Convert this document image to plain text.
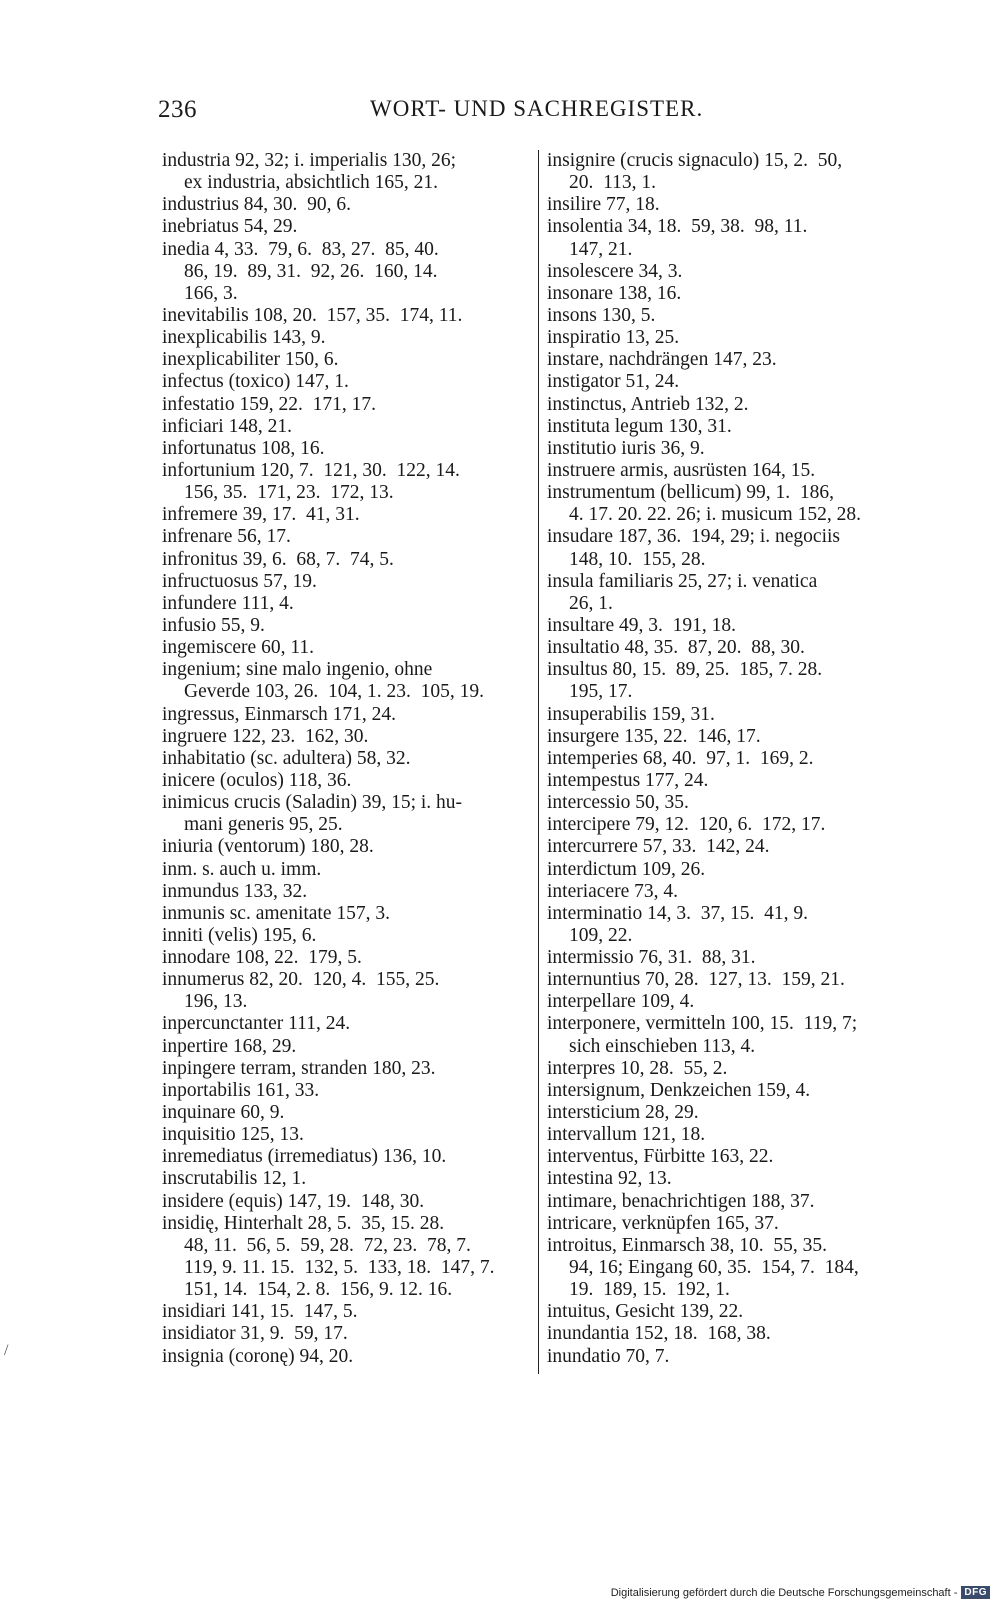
236	WORT- UND SACHREGISTER.
industria 92, 32; i. imperialis 130, 26;
ex industria, absichtlich 165, 21.
industrius 84, 30.  90, 6.
inebriatus 54, 29.
inedia 4, 33.  79, 6.  83, 27.  85, 40.
86, 19.  89, 31.  92, 26.  160, 14.
166, 3.
inevitabilis 108, 20.  157, 35.  174, 11.
inexplicabilis 143, 9.
inexplicabiliter 150, 6.
infectus (toxico) 147, 1.
infestatio 159, 22.  171, 17.
inficiari 148, 21.
infortunatus 108, 16.
infortunium 120, 7.  121, 30.  122, 14.
156, 35.  171, 23.  172, 13.
infremere 39, 17.  41, 31.
infrenare 56, 17.
infronitus 39, 6.  68, 7.  74, 5.
infructuosus 57, 19.
infundere 111, 4.
infusio 55, 9.
ingemiscere 60, 11.
ingenium; sine malo ingenio, ohne
Geverde 103, 26.  104, 1. 23.  105, 19.
ingressus, Einmarsch 171, 24.
ingruere 122, 23.  162, 30.
inhabitatio (sc. adultera) 58, 32.
inicere (oculos) 118, 36.
inimicus crucis (Saladin) 39, 15; i. hu-
mani generis 95, 25.
iniuria (ventorum) 180, 28.
inm. s. auch u. imm.
inmundus 133, 32.
inmunis sc. amenitate 157, 3.
inniti (velis) 195, 6.
innodare 108, 22.  179, 5.
innumerus 82, 20.  120, 4.  155, 25.
196, 13.
inpercunctanter 111, 24.
inpertire 168, 29.
inpingere terram, stranden 180, 23.
inportabilis 161, 33.
inquinare 60, 9.
inquisitio 125, 13.
inremediatus (irremediatus) 136, 10.
inscrutabilis 12, 1.
insidere (equis) 147, 19.  148, 30.
insidię, Hinterhalt 28, 5.  35, 15. 28.
48, 11.  56, 5.  59, 28.  72, 23.  78, 7.
119, 9. 11. 15.  132, 5.  133, 18.  147, 7.
151, 14.  154, 2. 8.  156, 9. 12. 16.
insidiari 141, 15.  147, 5.
insidiator 31, 9.  59, 17.
insignia (coronę) 94, 20.
insignire (crucis signaculo) 15, 2.  50,
20.  113, 1.
insilire 77, 18.
insolentia 34, 18.  59, 38.  98, 11.
147, 21.
insolescere 34, 3.
insonare 138, 16.
insons 130, 5.
inspiratio 13, 25.
instare, nachdrängen 147, 23.
instigator 51, 24.
instinctus, Antrieb 132, 2.
instituta legum 130, 31.
institutio iuris 36, 9.
instruere armis, ausrüsten 164, 15.
instrumentum (bellicum) 99, 1.  186,
4. 17. 20. 22. 26; i. musicum 152, 28.
insudare 187, 36.  194, 29; i. negociis
148, 10.  155, 28.
insula familiaris 25, 27; i. venatica
26, 1.
insultare 49, 3.  191, 18.
insultatio 48, 35.  87, 20.  88, 30.
insultus 80, 15.  89, 25.  185, 7. 28.
195, 17.
insuperabilis 159, 31.
insurgere 135, 22.  146, 17.
intemperies 68, 40.  97, 1.  169, 2.
intempestus 177, 24.
intercessio 50, 35.
intercipere 79, 12.  120, 6.  172, 17.
intercurrere 57, 33.  142, 24.
interdictum 109, 26.
interiacere 73, 4.
interminatio 14, 3.  37, 15.  41, 9.
109, 22.
intermissio 76, 31.  88, 31.
internuntius 70, 28.  127, 13.  159, 21.
interpellare 109, 4.
interponere, vermitteln 100, 15.  119, 7;
sich einschieben 113, 4.
interpres 10, 28.  55, 2.
intersignum, Denkzeichen 159, 4.
intersticium 28, 29.
intervallum 121, 18.
interventus, Fürbitte 163, 22.
intestina 92, 13.
intimare, benachrichtigen 188, 37.
intricare, verknüpfen 165, 37.
introitus, Einmarsch 38, 10.  55, 35.
94, 16; Eingang 60, 35.  154, 7.  184,
19.  189, 15.  192, 1.
intuitus, Gesicht 139, 22.
inundantia 152, 18.  168, 38.
inundatio 70, 7.
/
Digitalisierung gefördert durch die Deutsche Forschungsgemeinschaft - DFG
